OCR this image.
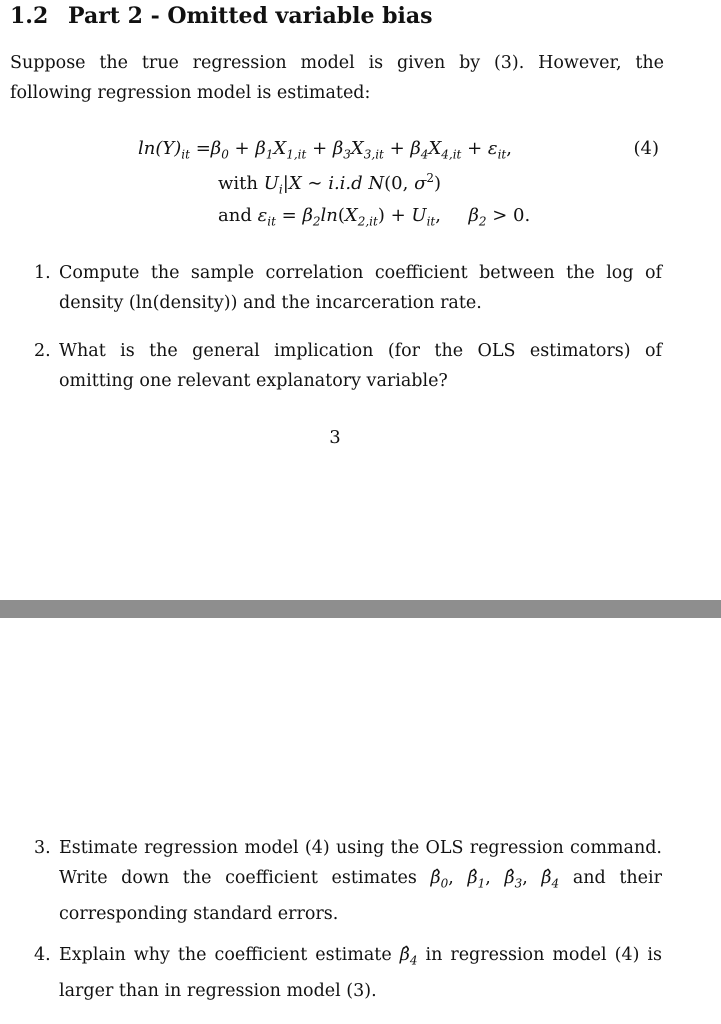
1.2 Part 2 - Omitted variable bias
Suppose the true regression model is given by (3). However, the following regression model is estimated:
$\ln(Y)_{it} =\beta_0 + \beta_1X_{1,it} + \beta_3X_{3,it} + \beta_4X_{4,it} + \varepsilon_{it}$,	(4)
with $U_i|X$ ∼ i.i.d N(0, $\sigma^2$)
and $\varepsilon_{it} = \beta_2\ln(X_{2,it}) + U_{it}$, $\beta_2 > 0$.
1. Compute the sample correlation coefficient between the log of density (ln(density)) and the incarceration rate.
2. What is the general implication (for the OLS estimators) of omitting one relevant explanatory variable?
3
3. Estimate regression model (4) using the OLS regression command. Write down the coefficient estimates $\betâ_0$, $\betâ_1$, $\betâ_3$, $\betâ_4$ and their corresponding standard errors.
4. Explain why the coefficient estimate $\betâ_4$ in regression model (4) is larger than in regression model (3).
